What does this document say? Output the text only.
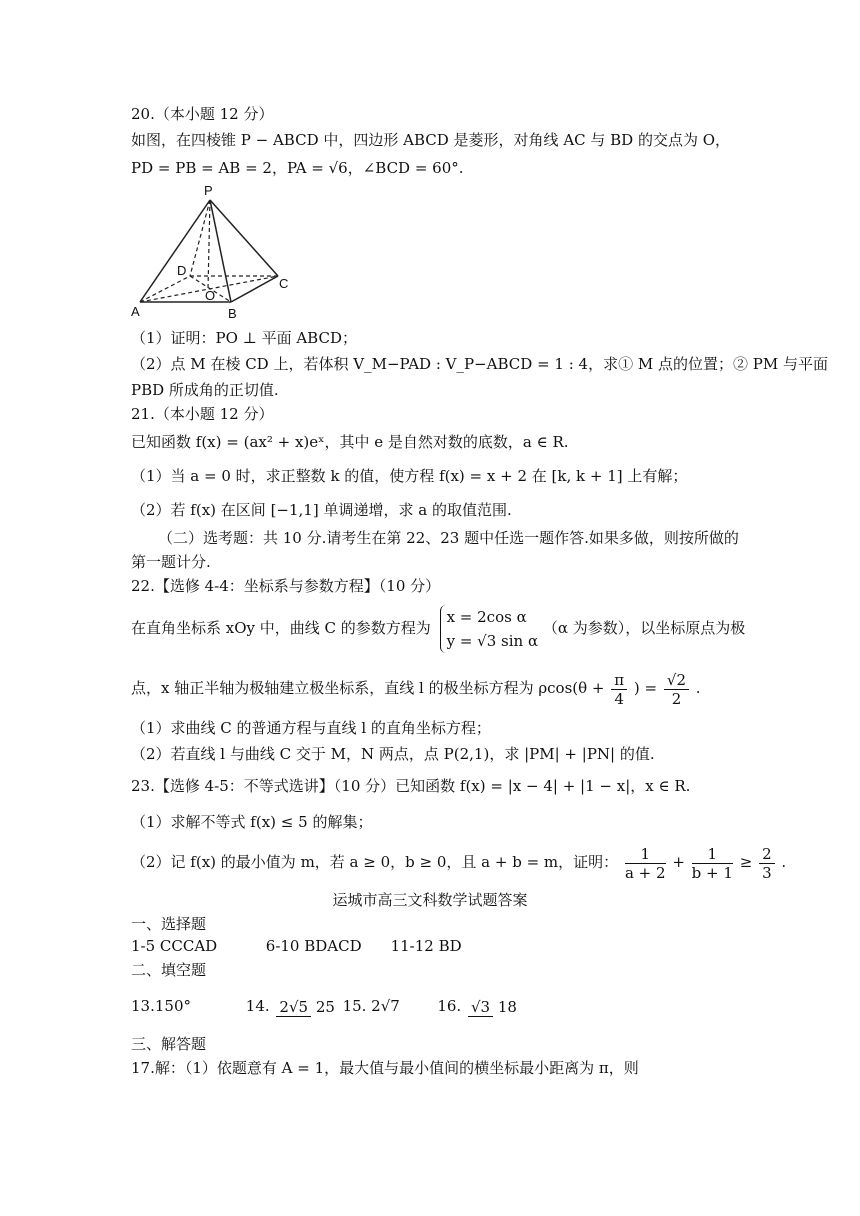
20.（本小题 12 分）
如图，在四棱锥 P − ABCD 中，四边形 ABCD 是菱形，对角线 AC 与 BD 的交点为 O，
PD = PB = AB = 2，PA = √6，∠BCD = 60°.
P
D
O
C
A	B
（1）证明：PO ⊥ 平面 ABCD；
（2）点 M 在棱 CD 上，若体积 V_M−PAD : V_P−ABCD = 1 : 4，求① M 点的位置；② PM 与平面
PBD 所成角的正切值.
21.（本小题 12 分）
已知函数 f(x) = (ax² + x)eˣ，其中 e 是自然对数的底数，a ∈ R.
（1）当 a = 0 时，求正整数 k 的值，使方程 f(x) = x + 2 在 [k, k + 1] 上有解；
（2）若 f(x) 在区间 [−1,1] 单调递增，求 a 的取值范围.
（二）选考题：共 10 分.请考生在第 22、23 题中任选一题作答.如果多做，则按所做的
第一题计分.
22.【选修 4-4：坐标系与参数方程】（10 分）
在直角坐标系 xOy 中，曲线 C 的参数方程为
x = 2cos α
y = √3 sin α
（α 为参数），以坐标原点为极
点，x 轴正半轴为极轴建立极坐标系，直线 l 的极坐标方程为 $\rho\cos(\theta + \frac{\pi}{4}$ ) = $\frac{√2}{2}$ .
（1）求曲线 C 的普通方程与直线 l 的直角坐标方程；
（2）若直线 l 与曲线 C 交于 M，N 两点，点 P(2,1)，求 |PM| + |PN| 的值.
23.【选修 4-5：不等式选讲】（10 分）已知函数 f(x) = |x − 4| + |1 − x|，x ∈ R.
（1）求解不等式 f(x) ≤ 5 的解集；
（2）记 f(x) 的最小值为 m，若 a ≥ 0，b ≥ 0，且 a + b = m，证明： $\frac{1}{a + 2} + \frac{1}{b + 1} \ge \frac{2}{3}$ .
运城市高三文科数学试题答案
一、选择题
1-5 CCCAD	6-10 BDACD 11-12 BD
二、填空题
13.150°	14. 2√5 25 15. 2√7	16. √3 18
三、解答题
17.解：（1）依题意有 A = 1，最大值与最小值间的横坐标最小距离为 π，则
